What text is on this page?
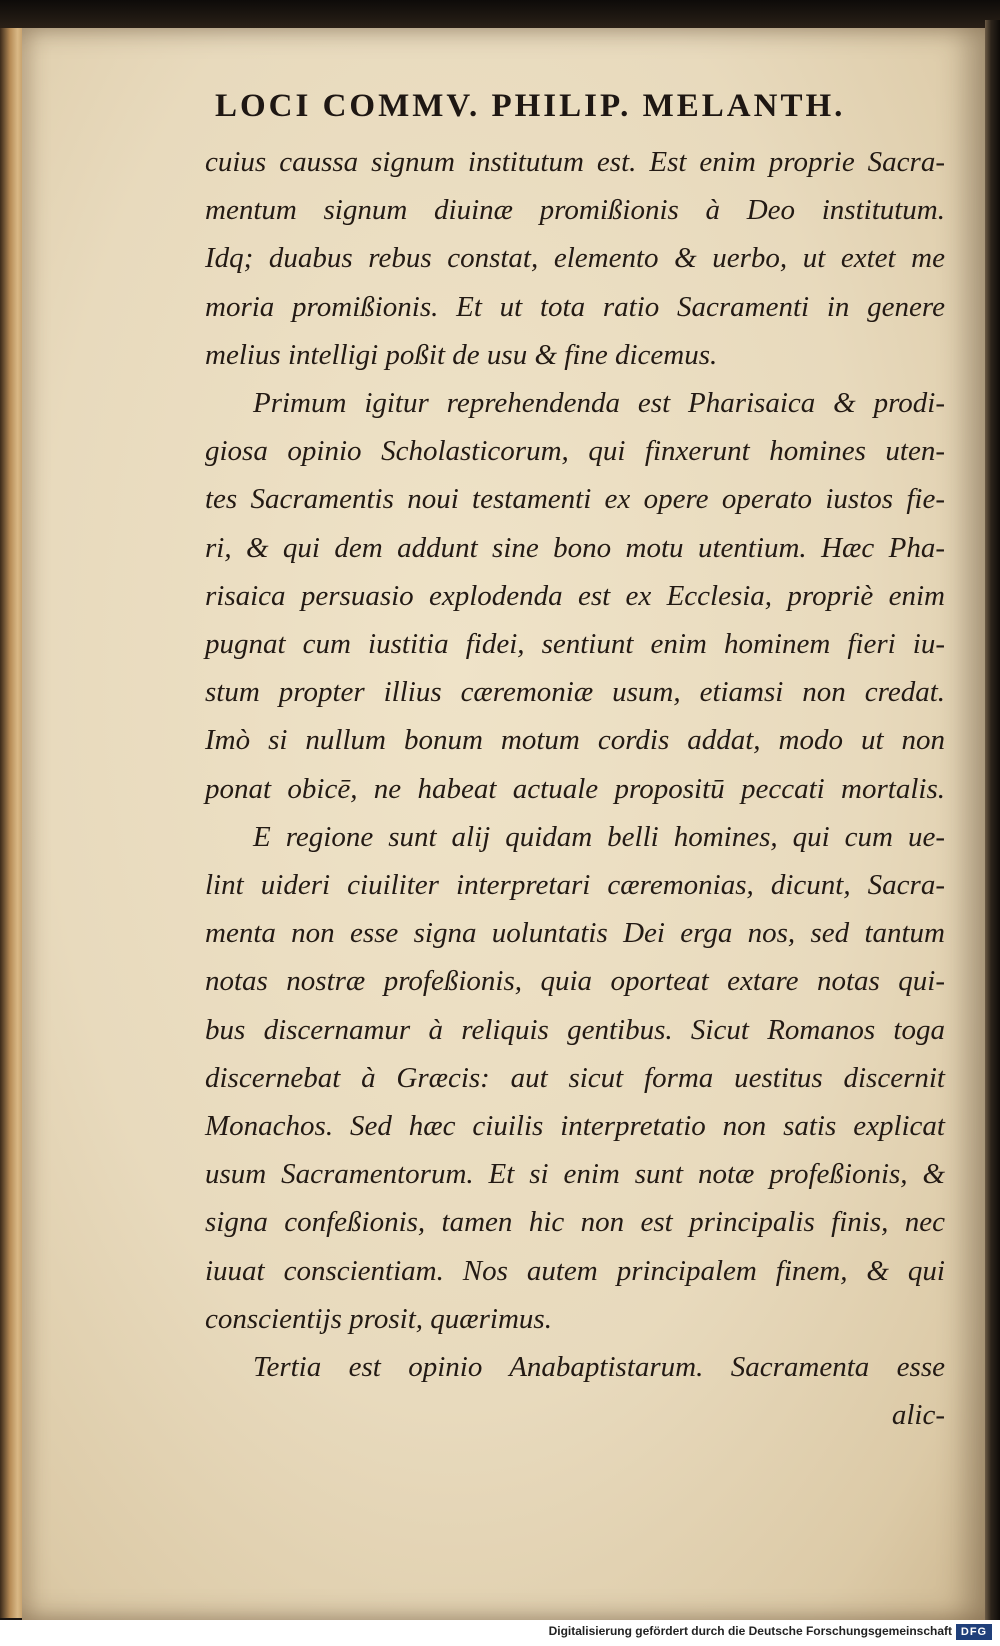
LOCI COMMV. PHILIP. MELANTH.
cuius caussa signum institutum est. Est enim proprie Sacra-
mentum signum diuinæ promißionis à Deo institutum.
Idq; duabus rebus constat, elemento & uerbo, ut extet me
moria promißionis. Et ut tota ratio Sacramenti in genere
melius intelligi poßit de usu & fine dicemus.
Primum igitur reprehendenda est Pharisaica & prodi-
giosa opinio Scholasticorum, qui finxerunt homines uten-
tes Sacramentis noui testamenti ex opere operato iustos fie-
ri, & qui dem addunt sine bono motu utentium. Hæc Pha-
risaica persuasio explodenda est ex Ecclesia, propriè enim
pugnat cum iustitia fidei, sentiunt enim hominem fieri iu-
stum propter illius cæremoniæ usum, etiamsi non credat.
Imò si nullum bonum motum cordis addat, modo ut non
ponat obicē, ne habeat actuale propositū peccati mortalis.
E regione sunt alij quidam belli homines, qui cum ue-
lint uideri ciuiliter interpretari cæremonias, dicunt, Sacra-
menta non esse signa uoluntatis Dei erga nos, sed tantum
notas nostræ profeßionis, quia oporteat extare notas qui-
bus discernamur à reliquis gentibus. Sicut Romanos toga
discernebat à Græcis: aut sicut forma uestitus discernit
Monachos. Sed hæc ciuilis interpretatio non satis explicat
usum Sacramentorum. Et si enim sunt notæ profeßionis, &
signa confeßionis, tamen hic non est principalis finis, nec
iuuat conscientiam. Nos autem principalem finem, & qui
conscientijs prosit, quærimus.
Tertia est opinio Anabaptistarum. Sacramenta esse
alic-
Digitalisierung gefördert durch die Deutsche Forschungsgemeinschaft DFG
